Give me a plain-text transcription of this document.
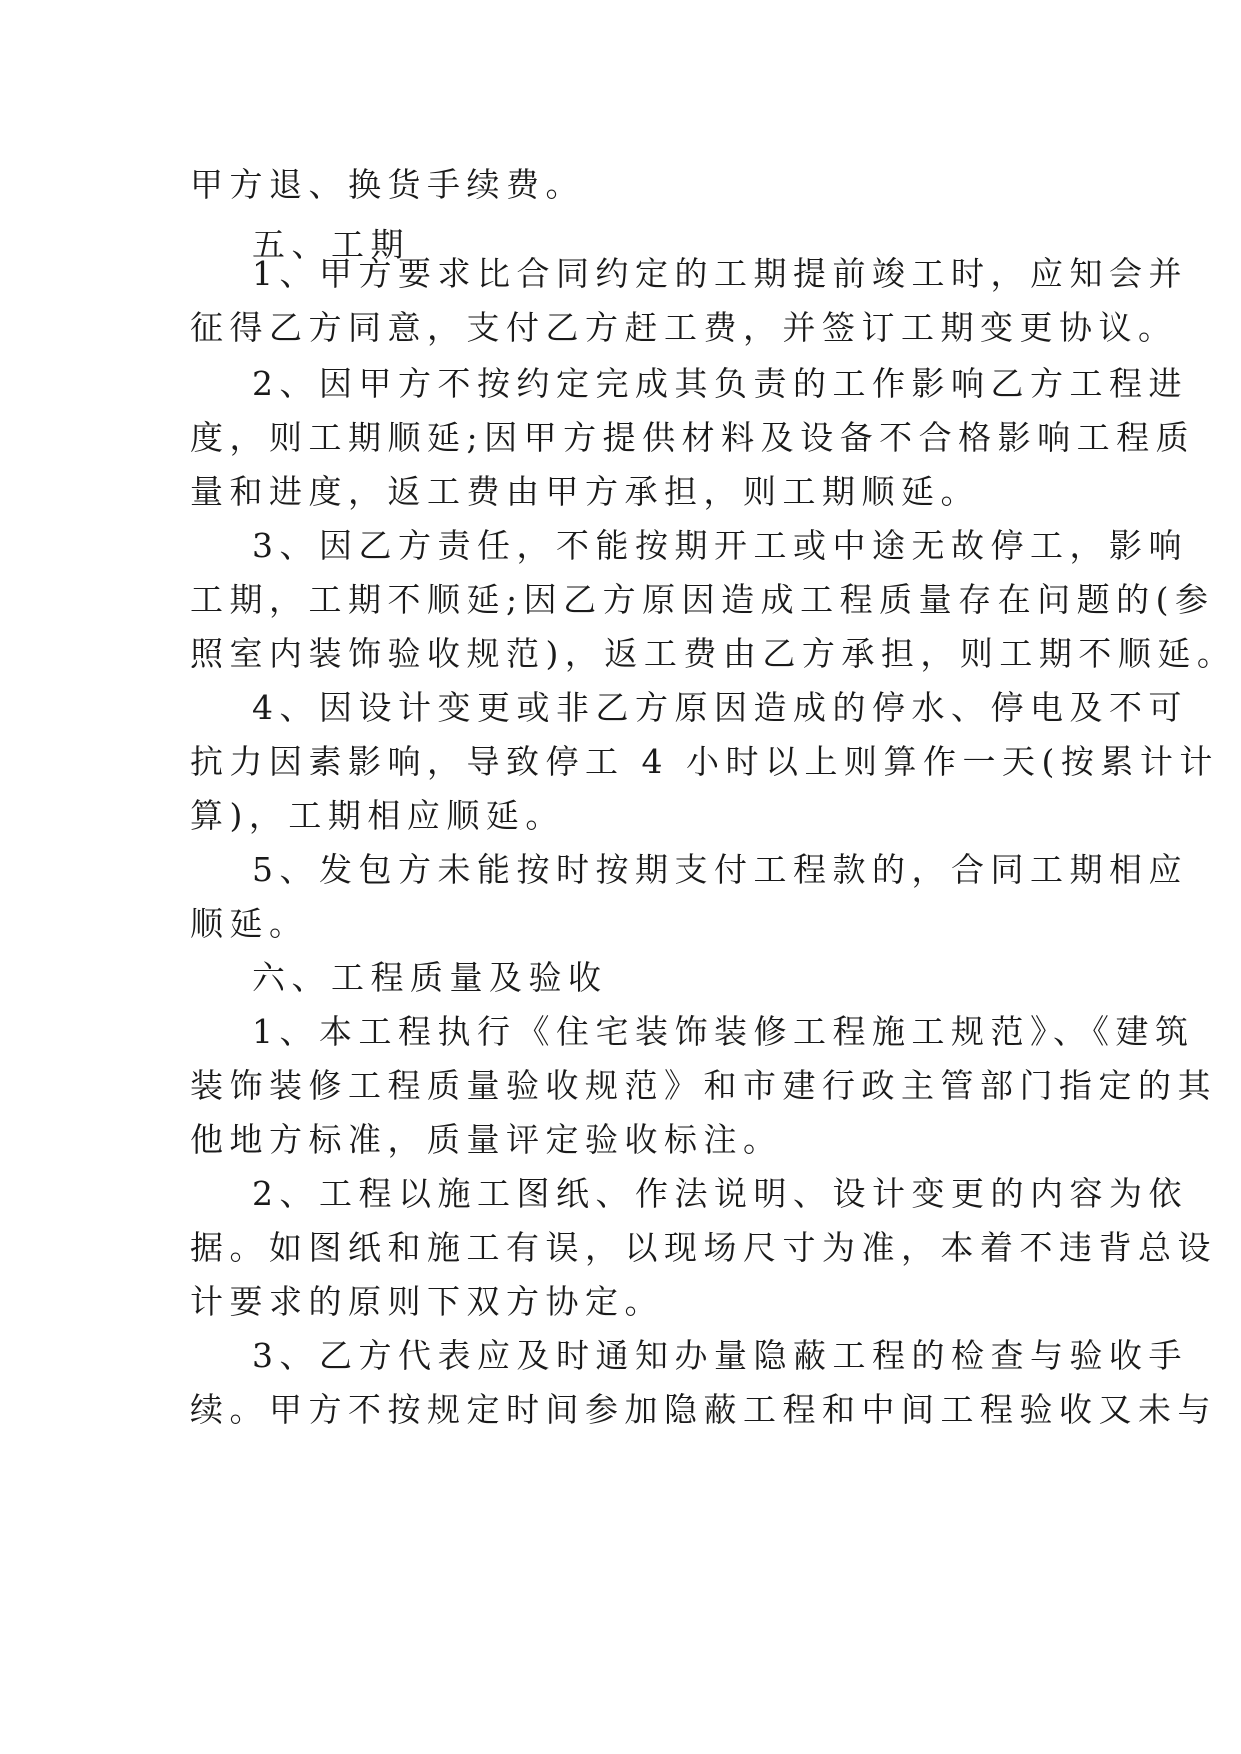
甲方退、换货手续费。
五、工期
1、甲方要求比合同约定的工期提前竣工时，应知会并
征得乙方同意，支付乙方赶工费，并签订工期变更协议。
2、因甲方不按约定完成其负责的工作影响乙方工程进
度，则工期顺延;因甲方提供材料及设备不合格影响工程质
量和进度，返工费由甲方承担，则工期顺延。
3、因乙方责任，不能按期开工或中途无故停工，影响
工期，工期不顺延;因乙方原因造成工程质量存在问题的(参
照室内装饰验收规范)，返工费由乙方承担，则工期不顺延。
4、因设计变更或非乙方原因造成的停水、停电及不可
抗力因素影响，导致停工 4 小时以上则算作一天(按累计计
算)，工期相应顺延。
5、发包方未能按时按期支付工程款的，合同工期相应
顺延。
六、工程质量及验收
1、本工程执行《住宅装饰装修工程施工规范》、《建筑
装饰装修工程质量验收规范》和市建行政主管部门指定的其
他地方标准，质量评定验收标注。
2、工程以施工图纸、作法说明、设计变更的内容为依
据。如图纸和施工有误，以现场尺寸为准，本着不违背总设
计要求的原则下双方协定。
3、乙方代表应及时通知办量隐蔽工程的检查与验收手
续。甲方不按规定时间参加隐蔽工程和中间工程验收又未与
